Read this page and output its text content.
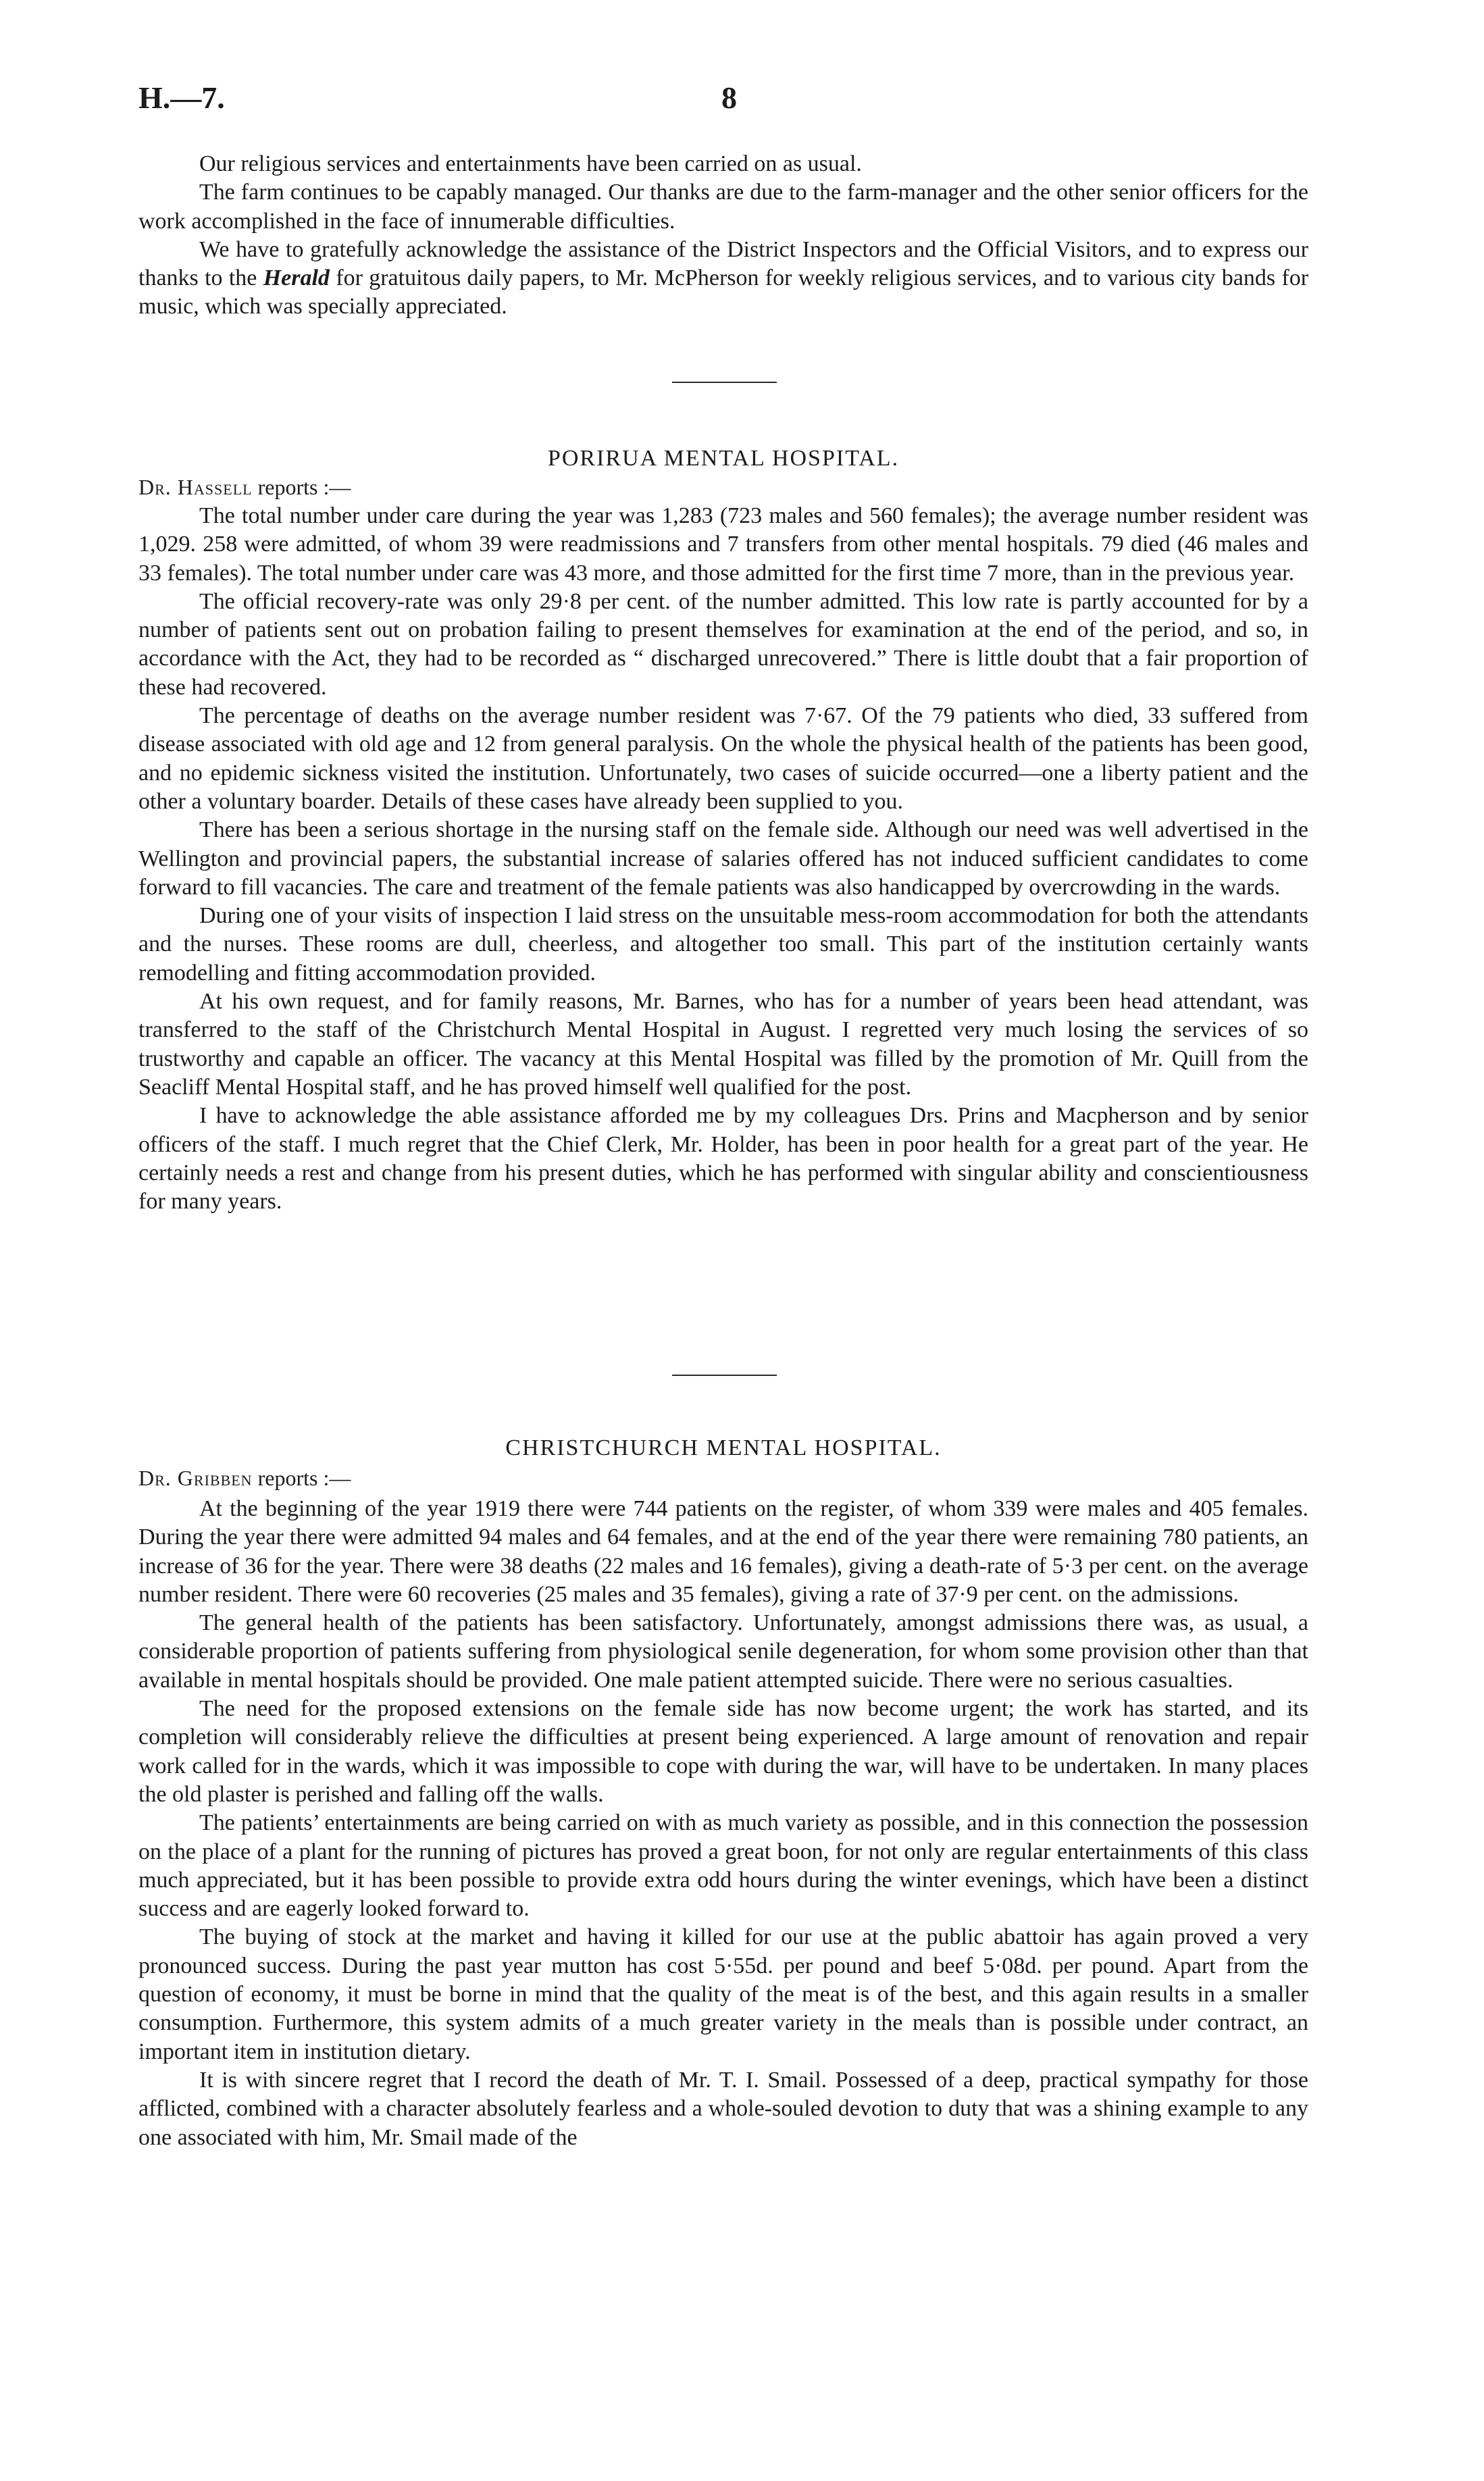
H.—7.	8

Our religious services and entertainments have been carried on as usual.

The farm continues to be capably managed. Our thanks are due to the farm-manager and the other senior officers for the work accomplished in the face of innumerable difficulties.

We have to gratefully acknowledge the assistance of the District Inspectors and the Official Visitors, and to express our thanks to the Herald for gratuitous daily papers, to Mr. McPherson for weekly religious services, and to various city bands for music, which was specially appreciated.

PORIRUA MENTAL HOSPITAL.
Dr. Hassell reports :—

The total number under care during the year was 1,283 (723 males and 560 females); the average number resident was 1,029. 258 were admitted, of whom 39 were readmissions and 7 transfers from other mental hospitals. 79 died (46 males and 33 females). The total number under care was 43 more, and those admitted for the first time 7 more, than in the previous year.

The official recovery-rate was only 29·8 per cent. of the number admitted. This low rate is partly accounted for by a number of patients sent out on probation failing to present themselves for examination at the end of the period, and so, in accordance with the Act, they had to be recorded as “ discharged unrecovered.” There is little doubt that a fair proportion of these had recovered.

The percentage of deaths on the average number resident was 7·67. Of the 79 patients who died, 33 suffered from disease associated with old age and 12 from general paralysis. On the whole the physical health of the patients has been good, and no epidemic sickness visited the institution. Unfortunately, two cases of suicide occurred—one a liberty patient and the other a voluntary boarder. Details of these cases have already been supplied to you.

There has been a serious shortage in the nursing staff on the female side. Although our need was well advertised in the Wellington and provincial papers, the substantial increase of salaries offered has not induced sufficient candidates to come forward to fill vacancies. The care and treatment of the female patients was also handicapped by overcrowding in the wards.

During one of your visits of inspection I laid stress on the unsuitable mess-room accommodation for both the attendants and the nurses. These rooms are dull, cheerless, and altogether too small. This part of the institution certainly wants remodelling and fitting accommodation provided.

At his own request, and for family reasons, Mr. Barnes, who has for a number of years been head attendant, was transferred to the staff of the Christchurch Mental Hospital in August. I regretted very much losing the services of so trustworthy and capable an officer. The vacancy at this Mental Hospital was filled by the promotion of Mr. Quill from the Seacliff Mental Hospital staff, and he has proved himself well qualified for the post.

I have to acknowledge the able assistance afforded me by my colleagues Drs. Prins and Macpherson and by senior officers of the staff. I much regret that the Chief Clerk, Mr. Holder, has been in poor health for a great part of the year. He certainly needs a rest and change from his present duties, which he has performed with singular ability and conscientiousness for many years.

CHRISTCHURCH MENTAL HOSPITAL.
Dr. Gribben reports :—

At the beginning of the year 1919 there were 744 patients on the register, of whom 339 were males and 405 females. During the year there were admitted 94 males and 64 females, and at the end of the year there were remaining 780 patients, an increase of 36 for the year. There were 38 deaths (22 males and 16 females), giving a death-rate of 5·3 per cent. on the average number resident. There were 60 recoveries (25 males and 35 females), giving a rate of 37·9 per cent. on the admissions.

The general health of the patients has been satisfactory. Unfortunately, amongst admissions there was, as usual, a considerable proportion of patients suffering from physiological senile degeneration, for whom some provision other than that available in mental hospitals should be provided. One male patient attempted suicide. There were no serious casualties.

The need for the proposed extensions on the female side has now become urgent; the work has started, and its completion will considerably relieve the difficulties at present being experienced. A large amount of renovation and repair work called for in the wards, which it was impossible to cope with during the war, will have to be undertaken. In many places the old plaster is perished and falling off the walls.

The patients’ entertainments are being carried on with as much variety as possible, and in this connection the possession on the place of a plant for the running of pictures has proved a great boon, for not only are regular entertainments of this class much appreciated, but it has been possible to provide extra odd hours during the winter evenings, which have been a distinct success and are eagerly looked forward to.

The buying of stock at the market and having it killed for our use at the public abattoir has again proved a very pronounced success. During the past year mutton has cost 5·55d. per pound and beef 5·08d. per pound. Apart from the question of economy, it must be borne in mind that the quality of the meat is of the best, and this again results in a smaller consumption. Furthermore, this system admits of a much greater variety in the meals than is possible under contract, an important item in institution dietary.

It is with sincere regret that I record the death of Mr. T. I. Smail. Possessed of a deep, practical sympathy for those afflicted, combined with a character absolutely fearless and a whole-souled devotion to duty that was a shining example to any one associated with him, Mr. Smail made of the
